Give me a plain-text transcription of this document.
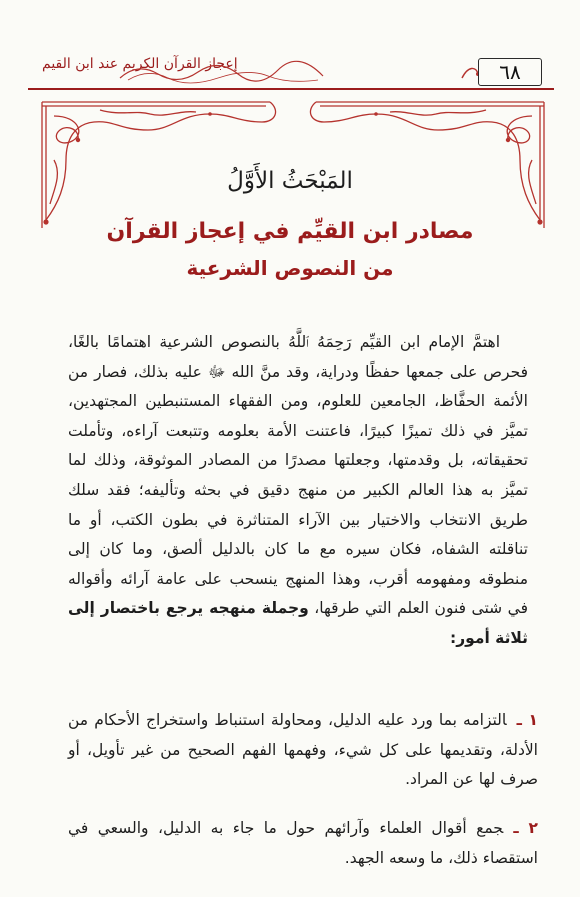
إعجاز القرآن الكريم عند ابن القيم	٦٨
المَبْحَثُ الأَوَّلُ
مصادر ابن القيِّم في إعجاز القرآن
من النصوص الشرعية

اهتمَّ الإمام ابن القيِّم رَحِمَهُ ٱللَّهُ بالنصوص الشرعية اهتمامًا بالغًا، فحرص على جمعها حفظًا ودراية، وقد منَّ الله ﷻ عليه بذلك، فصار من الأئمة الحفَّاظ، الجامعين للعلوم، ومن الفقهاء المستنبطين المجتهدين، تميَّز في ذلك تميزًا كبيرًا، فاعتنت الأمة بعلومه وتتبعت آراءه، وتأملت تحقيقاته، بل وقدمتها، وجعلتها مصدرًا من المصادر الموثوقة، وذلك لما تميَّز به هذا العالم الكبير من منهج دقيق في بحثه وتأليفه؛ فقد سلك طريق الانتخاب والاختيار بين الآراء المتناثرة في بطون الكتب، أو ما تناقلته الشفاه، فكان سيره مع ما كان بالدليل ألصق، وما كان إلى منطوقه ومفهومه أقرب، وهذا المنهج ينسحب على عامة آرائه وأقواله في شتى فنون العلم التي طرقها، وجملة منهجه يرجع باختصار إلى ثلاثة أمور:

١ ـالتزامه بما ورد عليه الدليل، ومحاولة استنباط واستخراج الأحكام من الأدلة، وتقديمها على كل شيء، وفهمها الفهم الصحيح من غير تأويل، أو صرف لها عن المراد.
٢ ـجمع أقوال العلماء وآرائهم حول ما جاء به الدليل، والسعي في استقصاء ذلك، ما وسعه الجهد.
